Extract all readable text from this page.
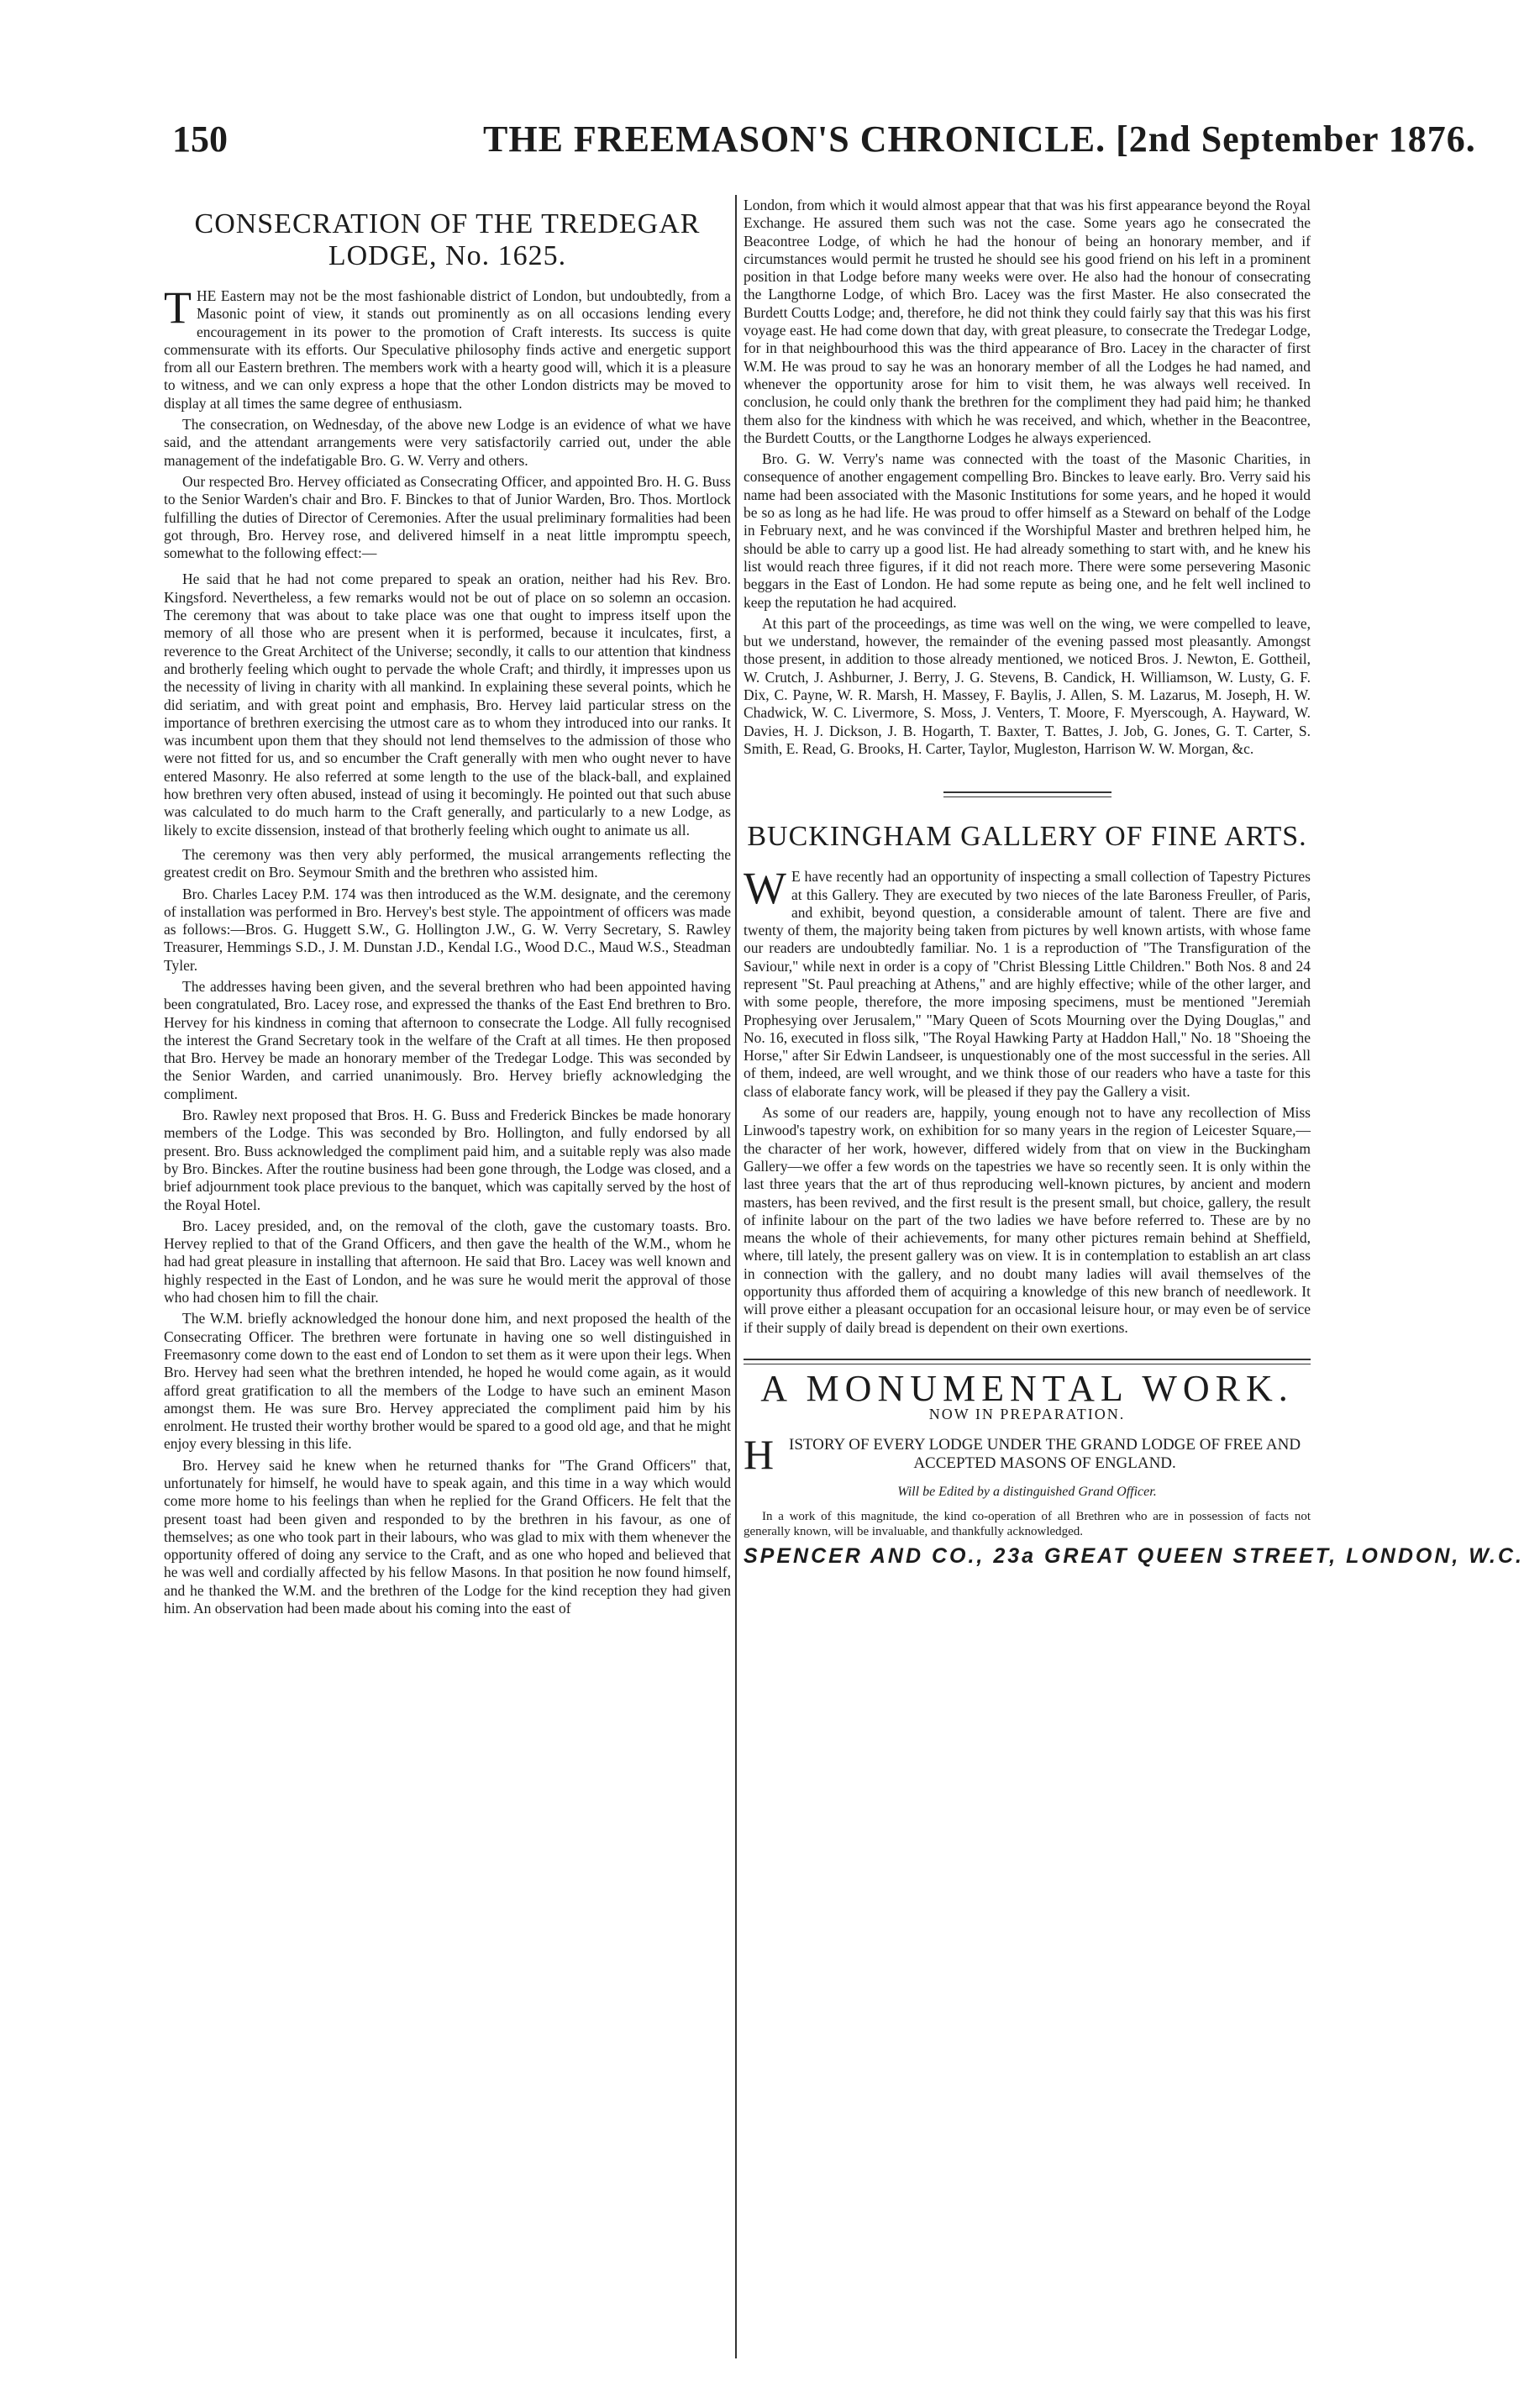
150	THE FREEMASON'S CHRONICLE. [2nd September 1876.
CONSECRATION OF THE TREDEGAR LODGE, No. 1625.

THE Eastern may not be the most fashionable district of London, but undoubtedly, from a Masonic point of view, it stands out prominently as on all occasions lending every encouragement in its power to the promotion of Craft interests. Its success is quite commensurate with its efforts. Our Speculative philosophy finds active and energetic support from all our Eastern brethren. The members work with a hearty good will, which it is a pleasure to witness, and we can only express a hope that the other London districts may be moved to display at all times the same degree of enthusiasm.

The consecration, on Wednesday, of the above new Lodge is an evidence of what we have said, and the attendant arrangements were very satisfactorily carried out, under the able management of the indefatigable Bro. G. W. Verry and others.

Our respected Bro. Hervey officiated as Consecrating Officer, and appointed Bro. H. G. Buss to the Senior Warden's chair and Bro. F. Binckes to that of Junior Warden, Bro. Thos. Mortlock fulfilling the duties of Director of Ceremonies. After the usual preliminary formalities had been got through, Bro. Hervey rose, and delivered himself in a neat little impromptu speech, somewhat to the following effect:—

He said that he had not come prepared to speak an oration, neither had his Rev. Bro. Kingsford. Nevertheless, a few remarks would not be out of place on so solemn an occasion. The ceremony that was about to take place was one that ought to impress itself upon the memory of all those who are present when it is performed, because it inculcates, first, a reverence to the Great Architect of the Universe; secondly, it calls to our attention that kindness and brotherly feeling which ought to pervade the whole Craft; and thirdly, it impresses upon us the necessity of living in charity with all mankind. In explaining these several points, which he did seriatim, and with great point and emphasis, Bro. Hervey laid particular stress on the importance of brethren exercising the utmost care as to whom they introduced into our ranks. It was incumbent upon them that they should not lend themselves to the admission of those who were not fitted for us, and so encumber the Craft generally with men who ought never to have entered Masonry. He also referred at some length to the use of the black-ball, and explained how brethren very often abused, instead of using it becomingly. He pointed out that such abuse was calculated to do much harm to the Craft generally, and particularly to a new Lodge, as likely to excite dissension, instead of that brotherly feeling which ought to animate us all.

The ceremony was then very ably performed, the musical arrangements reflecting the greatest credit on Bro. Seymour Smith and the brethren who assisted him.

Bro. Charles Lacey P.M. 174 was then introduced as the W.M. designate, and the ceremony of installation was performed in Bro. Hervey's best style. The appointment of officers was made as follows:—Bros. G. Huggett S.W., G. Hollington J.W., G. W. Verry Secretary, S. Rawley Treasurer, Hemmings S.D., J. M. Dunstan J.D., Kendal I.G., Wood D.C., Maud W.S., Steadman Tyler.

The addresses having been given, and the several brethren who had been appointed having been congratulated, Bro. Lacey rose, and expressed the thanks of the East End brethren to Bro. Hervey for his kindness in coming that afternoon to consecrate the Lodge. All fully recognised the interest the Grand Secretary took in the welfare of the Craft at all times. He then proposed that Bro. Hervey be made an honorary member of the Tredegar Lodge. This was seconded by the Senior Warden, and carried unanimously. Bro. Hervey briefly acknowledging the compliment.

Bro. Rawley next proposed that Bros. H. G. Buss and Frederick Binckes be made honorary members of the Lodge. This was seconded by Bro. Hollington, and fully endorsed by all present. Bro. Buss acknowledged the compliment paid him, and a suitable reply was also made by Bro. Binckes. After the routine business had been gone through, the Lodge was closed, and a brief adjournment took place previous to the banquet, which was capitally served by the host of the Royal Hotel.

Bro. Lacey presided, and, on the removal of the cloth, gave the customary toasts. Bro. Hervey replied to that of the Grand Officers, and then gave the health of the W.M., whom he had had great pleasure in installing that afternoon. He said that Bro. Lacey was well known and highly respected in the East of London, and he was sure he would merit the approval of those who had chosen him to fill the chair.

The W.M. briefly acknowledged the honour done him, and next proposed the health of the Consecrating Officer. The brethren were fortunate in having one so well distinguished in Freemasonry come down to the east end of London to set them as it were upon their legs. When Bro. Hervey had seen what the brethren intended, he hoped he would come again, as it would afford great gratification to all the members of the Lodge to have such an eminent Mason amongst them. He was sure Bro. Hervey appreciated the compliment paid him by his enrolment. He trusted their worthy brother would be spared to a good old age, and that he might enjoy every blessing in this life.

Bro. Hervey said he knew when he returned thanks for "The Grand Officers" that, unfortunately for himself, he would have to speak again, and this time in a way which would come more home to his feelings than when he replied for the Grand Officers. He felt that the present toast had been given and responded to by the brethren in his favour, as one of themselves; as one who took part in their labours, who was glad to mix with them whenever the opportunity offered of doing any service to the Craft, and as one who hoped and believed that he was well and cordially affected by his fellow Masons. In that position he now found himself, and he thanked the W.M. and the brethren of the Lodge for the kind reception they had given him. An observation had been made about his coming into the east of

London, from which it would almost appear that that was his first appearance beyond the Royal Exchange. He assured them such was not the case. Some years ago he consecrated the Beacontree Lodge, of which he had the honour of being an honorary member, and if circumstances would permit he trusted he should see his good friend on his left in a prominent position in that Lodge before many weeks were over. He also had the honour of consecrating the Langthorne Lodge, of which Bro. Lacey was the first Master. He also consecrated the Burdett Coutts Lodge; and, therefore, he did not think they could fairly say that this was his first voyage east. He had come down that day, with great pleasure, to consecrate the Tredegar Lodge, for in that neighbourhood this was the third appearance of Bro. Lacey in the character of first W.M. He was proud to say he was an honorary member of all the Lodges he had named, and whenever the opportunity arose for him to visit them, he was always well received. In conclusion, he could only thank the brethren for the compliment they had paid him; he thanked them also for the kindness with which he was received, and which, whether in the Beacontree, the Burdett Coutts, or the Langthorne Lodges he always experienced.

Bro. G. W. Verry's name was connected with the toast of the Masonic Charities, in consequence of another engagement compelling Bro. Binckes to leave early. Bro. Verry said his name had been associated with the Masonic Institutions for some years, and he hoped it would be so as long as he had life. He was proud to offer himself as a Steward on behalf of the Lodge in February next, and he was convinced if the Worshipful Master and brethren helped him, he should be able to carry up a good list. He had already something to start with, and he knew his list would reach three figures, if it did not reach more. There were some persevering Masonic beggars in the East of London. He had some repute as being one, and he felt well inclined to keep the reputation he had acquired.

At this part of the proceedings, as time was well on the wing, we were compelled to leave, but we understand, however, the remainder of the evening passed most pleasantly. Amongst those present, in addition to those already mentioned, we noticed Bros. J. Newton, E. Gottheil, W. Crutch, J. Ashburner, J. Berry, J. G. Stevens, B. Candick, H. Williamson, W. Lusty, G. F. Dix, C. Payne, W. R. Marsh, H. Massey, F. Baylis, J. Allen, S. M. Lazarus, M. Joseph, H. W. Chadwick, W. C. Livermore, S. Moss, J. Venters, T. Moore, F. Myerscough, A. Hayward, W. Davies, H. J. Dickson, J. B. Hogarth, T. Baxter, T. Battes, J. Job, G. Jones, G. T. Carter, S. Smith, E. Read, G. Brooks, H. Carter, Taylor, Mugleston, Harrison W. W. Morgan, &c.

BUCKINGHAM GALLERY OF FINE ARTS.

W E have recently had an opportunity of inspecting a small collection of Tapestry Pictures at this Gallery. They are executed by two nieces of the late Baroness Freuller, of Paris, and exhibit, beyond question, a considerable amount of talent. There are five and twenty of them, the majority being taken from pictures by well known artists, with whose fame our readers are undoubtedly familiar. No. 1 is a reproduction of "The Transfiguration of the Saviour," while next in order is a copy of "Christ Blessing Little Children." Both Nos. 8 and 24 represent "St. Paul preaching at Athens," and are highly effective; while of the other larger, and with some people, therefore, the more imposing specimens, must be mentioned "Jeremiah Prophesying over Jerusalem," "Mary Queen of Scots Mourning over the Dying Douglas," and No. 16, executed in floss silk, "The Royal Hawking Party at Haddon Hall," No. 18 "Shoeing the Horse," after Sir Edwin Landseer, is unquestionably one of the most successful in the series. All of them, indeed, are well wrought, and we think those of our readers who have a taste for this class of elaborate fancy work, will be pleased if they pay the Gallery a visit.

As some of our readers are, happily, young enough not to have any recollection of Miss Linwood's tapestry work, on exhibition for so many years in the region of Leicester Square,—the character of her work, however, differed widely from that on view in the Buckingham Gallery—we offer a few words on the tapestries we have so recently seen. It is only within the last three years that the art of thus reproducing well-known pictures, by ancient and modern masters, has been revived, and the first result is the present small, but choice, gallery, the result of infinite labour on the part of the two ladies we have before referred to. These are by no means the whole of their achievements, for many other pictures remain behind at Sheffield, where, till lately, the present gallery was on view. It is in contemplation to establish an art class in connection with the gallery, and no doubt many ladies will avail themselves of the opportunity thus afforded them of acquiring a knowledge of this new branch of needlework. It will prove either a pleasant occupation for an occasional leisure hour, or may even be of service if their supply of daily bread is dependent on their own exertions.

A MONUMENTAL WORK.
NOW IN PREPARATION.
HISTORY OF EVERY LODGE UNDER THE GRAND LODGE OF FREE AND ACCEPTED MASONS OF ENGLAND.
Will be Edited by a distinguished Grand Officer.
In a work of this magnitude, the kind co-operation of all Brethren who are in possession of facts not generally known, will be invaluable, and thankfully acknowledged.
SPENCER AND CO., 23a GREAT QUEEN STREET, LONDON, W.C.
